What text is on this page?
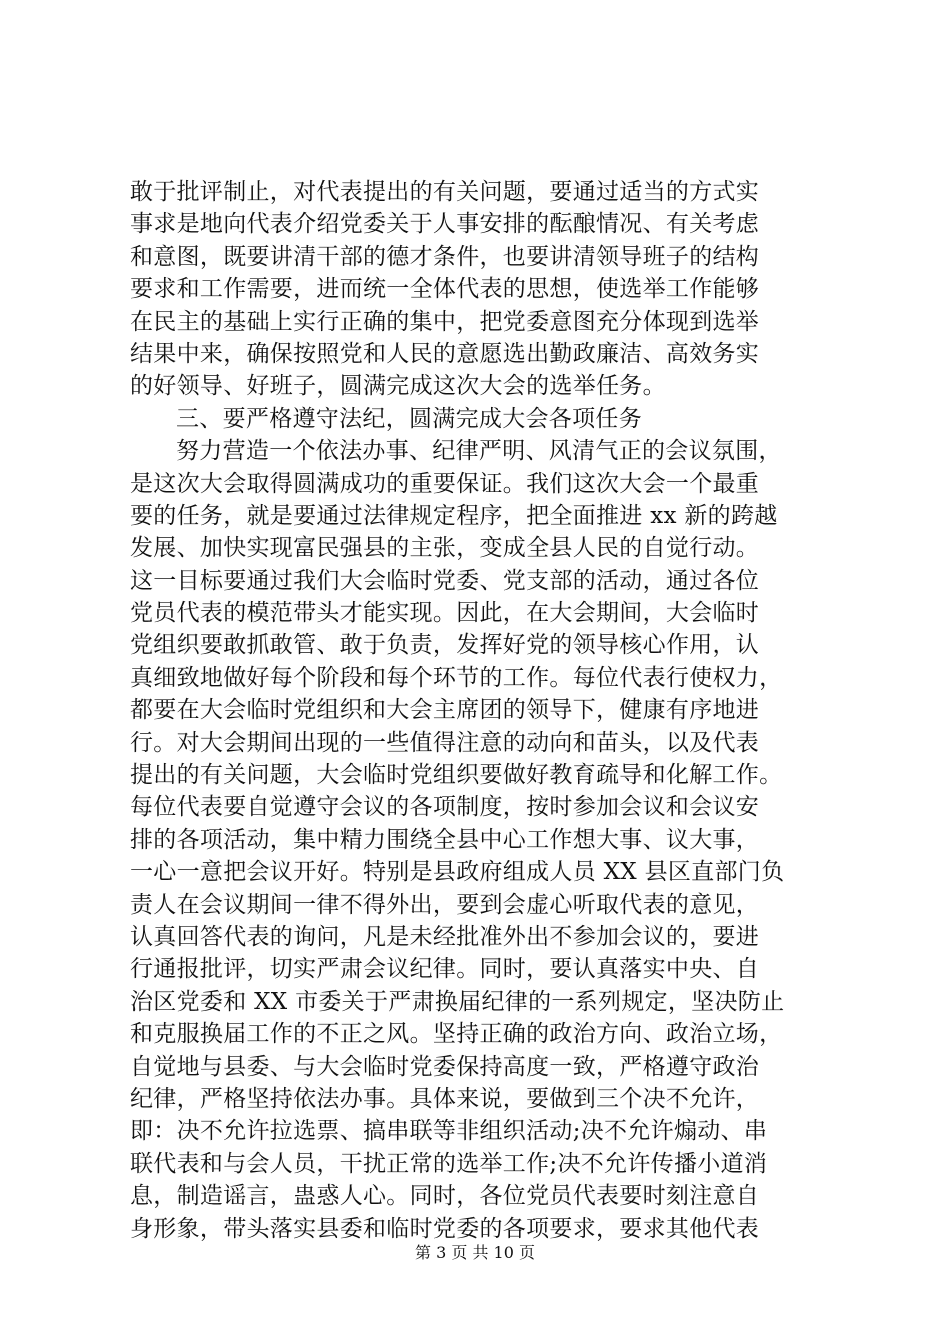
敢于批评制止，对代表提出的有关问题，要通过适当的方式实
事求是地向代表介绍党委关于人事安排的酝酿情况、有关考虑
和意图，既要讲清干部的德才条件，也要讲清领导班子的结构
要求和工作需要，进而统一全体代表的思想，使选举工作能够
在民主的基础上实行正确的集中，把党委意图充分体现到选举
结果中来，确保按照党和人民的意愿选出勤政廉洁、高效务实
的好领导、好班子，圆满完成这次大会的选举任务。
三、要严格遵守法纪，圆满完成大会各项任务
努力营造一个依法办事、纪律严明、风清气正的会议氛围，
是这次大会取得圆满成功的重要保证。我们这次大会一个最重
要的任务，就是要通过法律规定程序，把全面推进 xx 新的跨越
发展、加快实现富民强县的主张，变成全县人民的自觉行动。
这一目标要通过我们大会临时党委、党支部的活动，通过各位
党员代表的模范带头才能实现。因此，在大会期间，大会临时
党组织要敢抓敢管、敢于负责，发挥好党的领导核心作用，认
真细致地做好每个阶段和每个环节的工作。每位代表行使权力，
都要在大会临时党组织和大会主席团的领导下，健康有序地进
行。对大会期间出现的一些值得注意的动向和苗头，以及代表
提出的有关问题，大会临时党组织要做好教育疏导和化解工作。
每位代表要自觉遵守会议的各项制度，按时参加会议和会议安
排的各项活动，集中精力围绕全县中心工作想大事、议大事，
一心一意把会议开好。特别是县政府组成人员 XX 县区直部门负
责人在会议期间一律不得外出，要到会虚心听取代表的意见，
认真回答代表的询问，凡是未经批准外出不参加会议的，要进
行通报批评，切实严肃会议纪律。同时，要认真落实中央、自
治区党委和 XX 市委关于严肃换届纪律的一系列规定，坚决防止
和克服换届工作的不正之风。坚持正确的政治方向、政治立场，
自觉地与县委、与大会临时党委保持高度一致，严格遵守政治
纪律，严格坚持依法办事。具体来说，要做到三个决不允许，
即：决不允许拉选票、搞串联等非组织活动;决不允许煽动、串
联代表和与会人员，干扰正常的选举工作;决不允许传播小道消
息，制造谣言，蛊惑人心。同时，各位党员代表要时刻注意自
身形象，带头落实县委和临时党委的各项要求，要求其他代表
第 3 页 共 10 页
